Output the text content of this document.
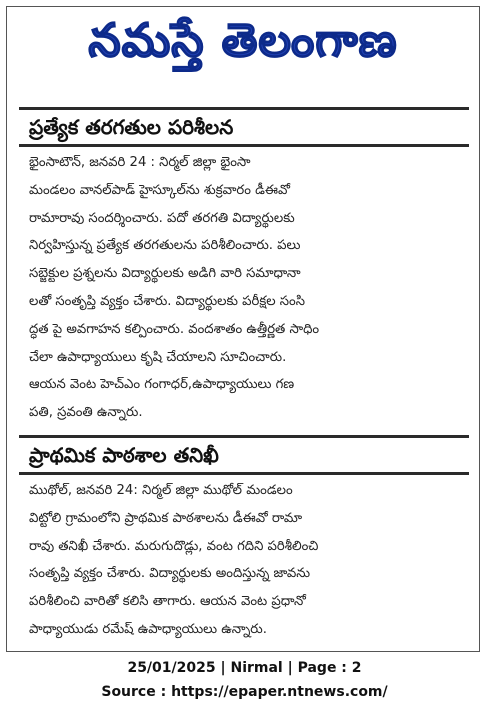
నమస్తే తెలంగాణ
ప్రత్యేక తరగతుల పరిశీలన
భైంసాటౌన్, జనవరి 24 : నిర్మల్ జిల్లా భైంసా
మండలం వానల్‌పాడ్ హైస్కూల్‌ను శుక్రవారం డీఈవో
రామారావు సందర్శించారు. పదో తరగతి విద్యార్థులకు
నిర్వహిస్తున్న ప్రత్యేక తరగతులను పరిశీలించారు. పలు
సబ్జెక్టుల ప్రశ్నలను విద్యార్థులకు అడిగి వారి సమాధానా
లతో సంతృప్తి వ్యక్తం చేశారు. విద్యార్థులకు పరీక్షల సంసి
ద్ధత పై అవగాహన కల్పించారు. వందశాతం ఉత్తీర్ణత సాధిం
చేలా ఉపాధ్యాయులు కృషి చేయాలని సూచించారు.
ఆయన వెంట హెచ్ఎం గంగాధర్,ఉపాధ్యాయులు గణ
పతి, స్రవంతి ఉన్నారు.
ప్రాథమిక పాఠశాల తనిఖీ
ముథోల్, జనవరి 24: నిర్మల్ జిల్లా ముథోల్ మండలం
విట్టోలి గ్రామంలోని ప్రాథమిక పాఠశాలను డీఈవో రామా
రావు తనిఖీ చేశారు. మరుగుదొడ్లు, వంట గదిని పరిశీలించి
సంతృప్తి వ్యక్తం చేశారు. విద్యార్థులకు అందిస్తున్న జావను
పరిశీలించి వారితో కలిసి తాగారు. ఆయన వెంట ప్రధానో
పాధ్యాయుడు రమేష్ ఉపాధ్యాయులు ఉన్నారు.
25/01/2025 | Nirmal | Page : 2
Source : https://epaper.ntnews.com/
